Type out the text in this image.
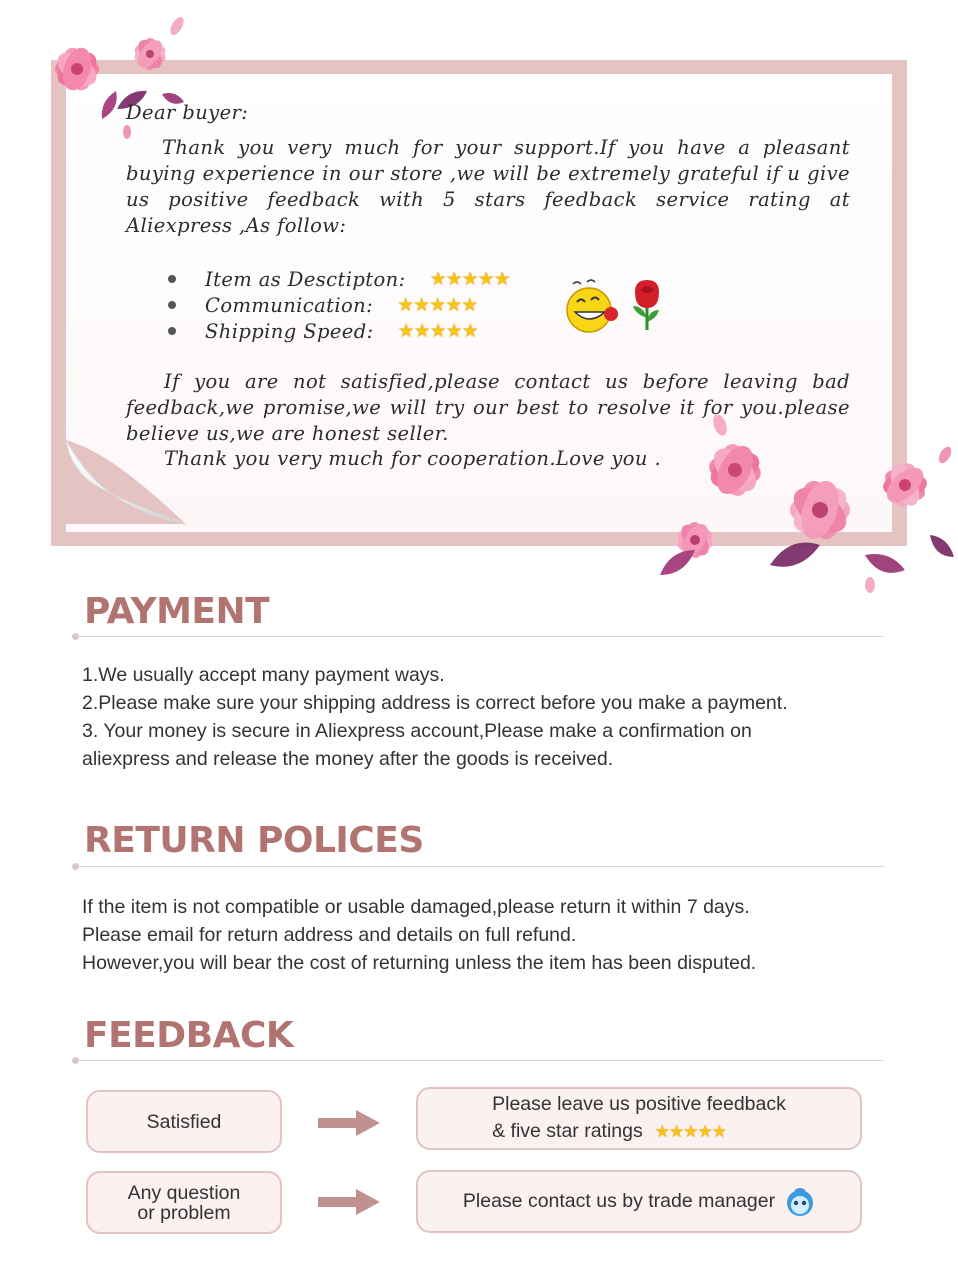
Dear buyer:
Thank you very much for your support.If you have a pleasant buying experience in our store ,we will be extremely grateful if u give us positive feedback with 5 stars feedback service rating at Aliexpress ,As follow:
Item as Desctipton: ★★★★★
Communication: ★★★★★
Shipping Speed: ★★★★★
If you are not satisfied,please contact us before leaving bad feedback,we promise,we will try our best to resolve it for you.please believe us,we are honest seller.
Thank you very much for cooperation.Love you .
PAYMENT

1.We usually accept many payment ways.

2.Please make sure your shipping address is correct before you make a payment.

3. Your money is secure in Aliexpress account,Please make a confirmation on aliexpress and release the money after the goods is received.

RETURN POLICES

If the item is not compatible or usable damaged,please return it within 7 days.

Please email for return address and details on full refund.

However,you will bear the cost of returning unless the item has been disputed.

FEEDBACK
Satisfied
Please leave us positive feedback
& five star ratings ★★★★★
Any question
or problem
Please contact us by trade manager
